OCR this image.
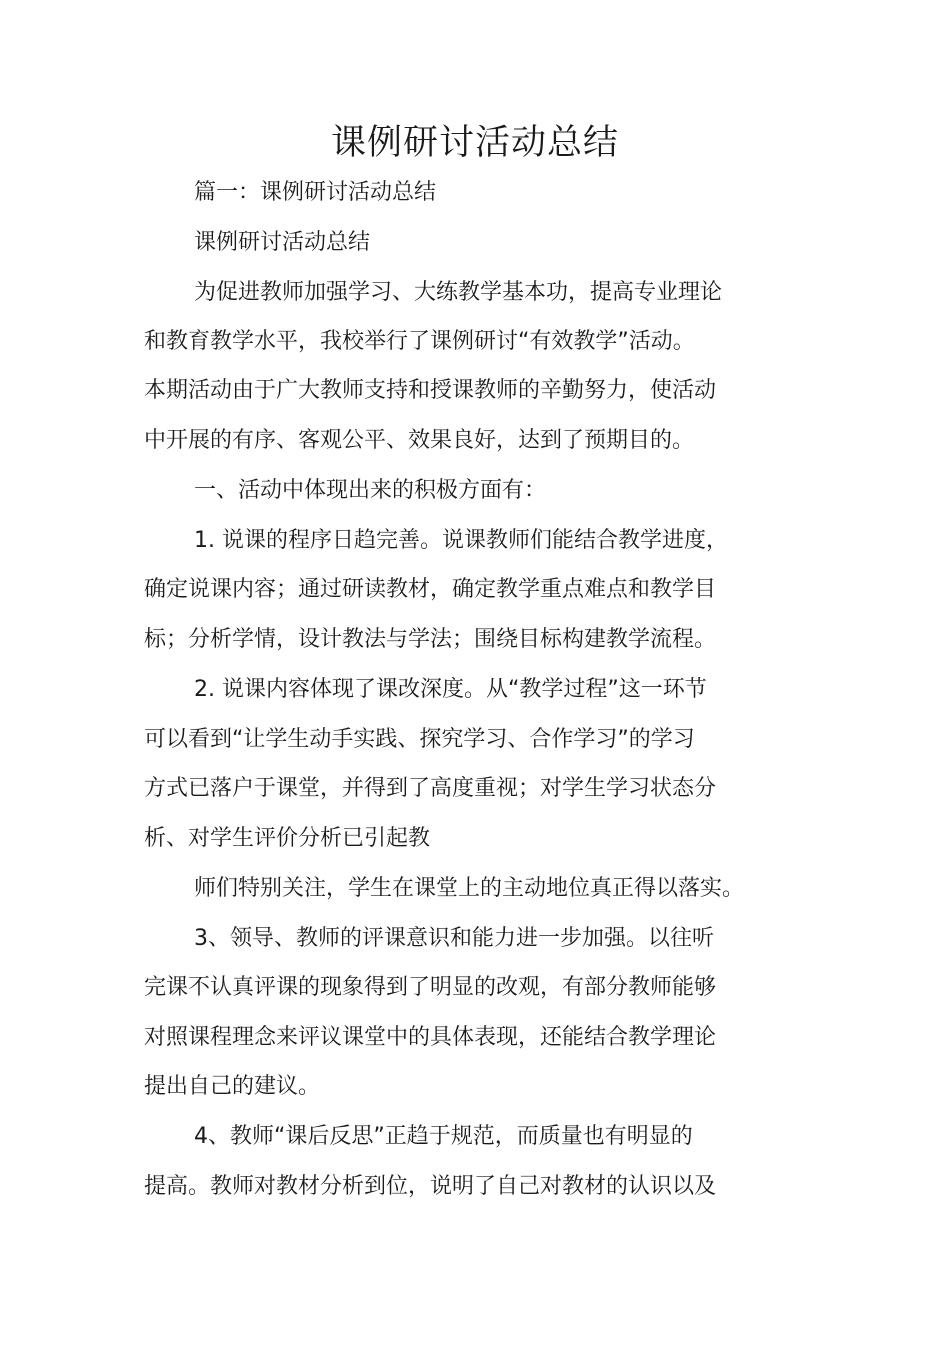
课例研讨活动总结

篇一：课例研讨活动总结

课例研讨活动总结

为促进教师加强学习、大练教学基本功，提高专业理论

和教育教学水平，我校举行了课例研讨“有效教学”活动。

本期活动由于广大教师支持和授课教师的辛勤努力，使活动

中开展的有序、客观公平、效果良好，达到了预期目的。

一、活动中体现出来的积极方面有：

1. 说课的程序日趋完善。说课教师们能结合教学进度，

确定说课内容；通过研读教材，确定教学重点难点和教学目

标；分析学情，设计教法与学法；围绕目标构建教学流程。

2. 说课内容体现了课改深度。从“教学过程”这一环节

可以看到“让学生动手实践、探究学习、合作学习”的学习

方式已落户于课堂，并得到了高度重视；对学生学习状态分

析、对学生评价分析已引起教

师们特别关注，学生在课堂上的主动地位真正得以落实。

3、领导、教师的评课意识和能力进一步加强。以往听

完课不认真评课的现象得到了明显的改观，有部分教师能够

对照课程理念来评议课堂中的具体表现，还能结合教学理论

提出自己的建议。

4、教师“课后反思”正趋于规范，而质量也有明显的

提高。教师对教材分析到位，说明了自己对教材的认识以及
